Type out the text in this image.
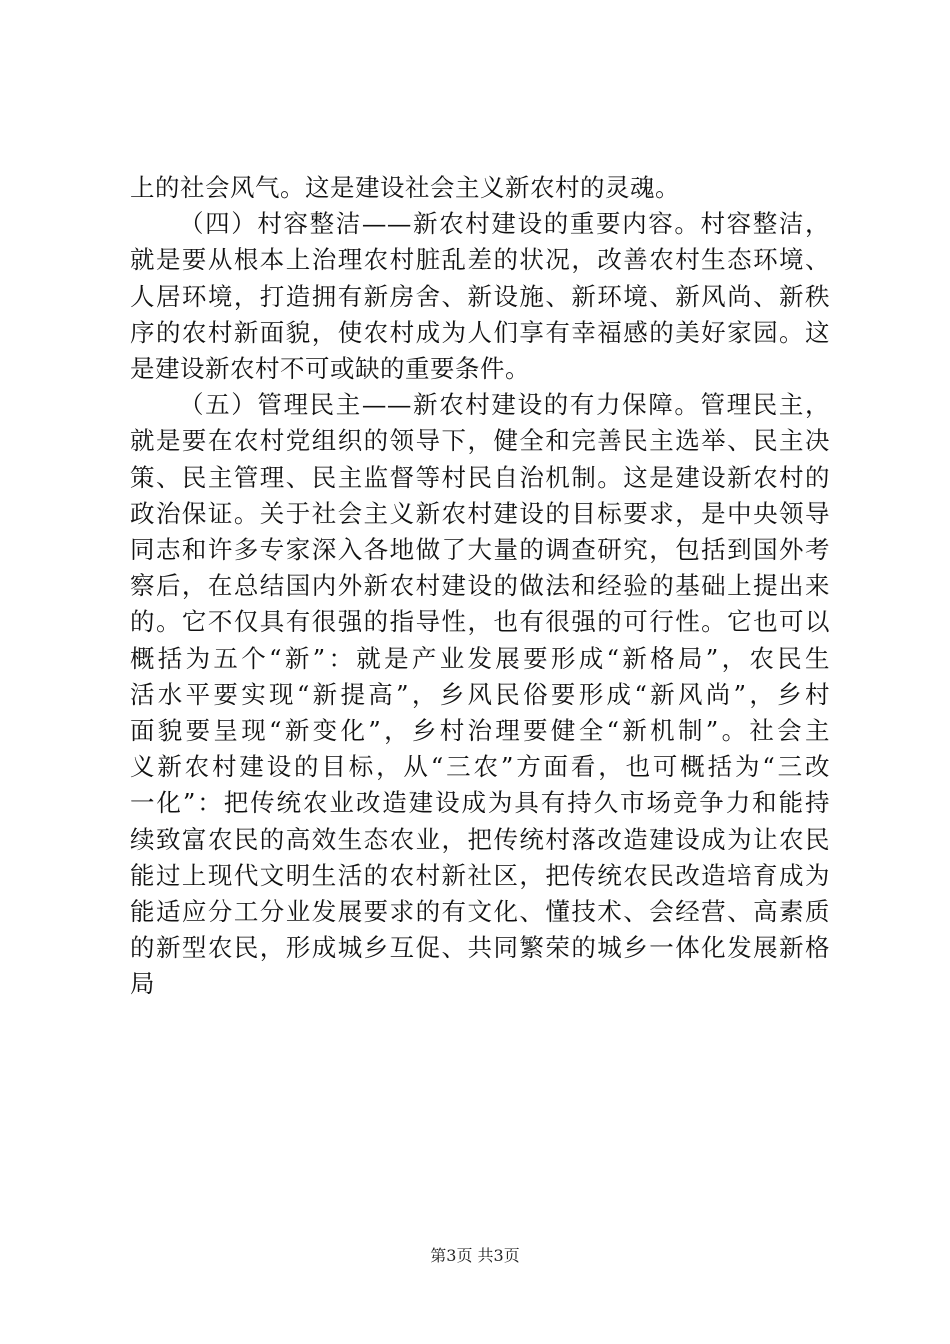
上的社会风气。这是建设社会主义新农村的灵魂。
（四）村容整洁——新农村建设的重要内容。村容整洁，
就是要从根本上治理农村脏乱差的状况，改善农村生态环境、
人居环境，打造拥有新房舍、新设施、新环境、新风尚、新秩
序的农村新面貌，使农村成为人们享有幸福感的美好家园。这
是建设新农村不可或缺的重要条件。
（五）管理民主——新农村建设的有力保障。管理民主，
就是要在农村党组织的领导下，健全和完善民主选举、民主决
策、民主管理、民主监督等村民自治机制。这是建设新农村的
政治保证。关于社会主义新农村建设的目标要求，是中央领导
同志和许多专家深入各地做了大量的调查研究，包括到国外考
察后，在总结国内外新农村建设的做法和经验的基础上提出来
的。它不仅具有很强的指导性，也有很强的可行性。它也可以
概括为五个“新”：就是产业发展要形成“新格局”，农民生
活水平要实现“新提高”，乡风民俗要形成“新风尚”，乡村
面貌要呈现“新变化”，乡村治理要健全“新机制”。社会主
义新农村建设的目标，从“三农”方面看，也可概括为“三改
一化”：把传统农业改造建设成为具有持久市场竞争力和能持
续致富农民的高效生态农业，把传统村落改造建设成为让农民
能过上现代文明生活的农村新社区，把传统农民改造培育成为
能适应分工分业发展要求的有文化、懂技术、会经营、高素质
的新型农民，形成城乡互促、共同繁荣的城乡一体化发展新格
局
第3页 共3页
